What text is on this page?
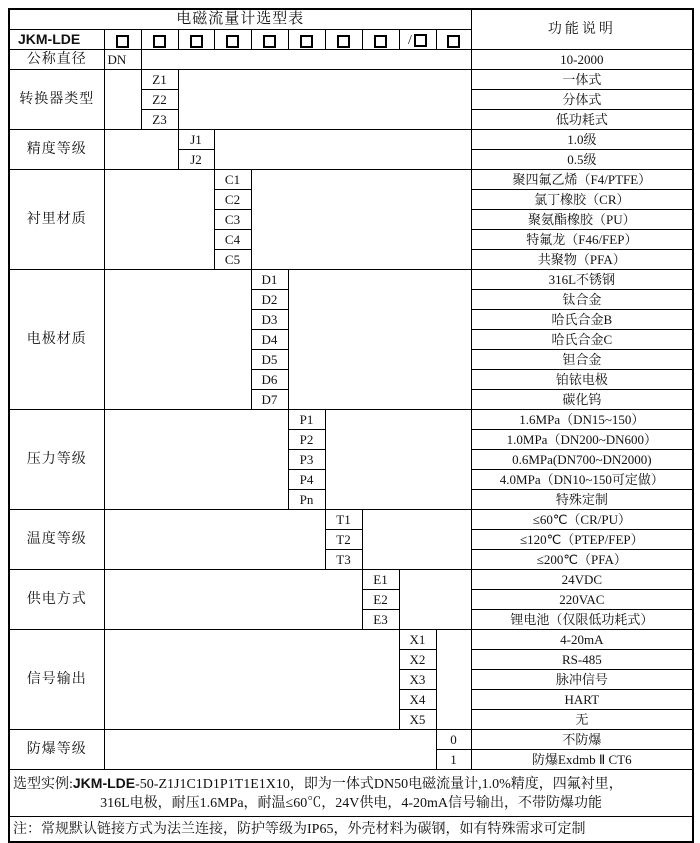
电磁流量计选型表											功能说明
JKM-LDE									/		
公称直径	DN										10-2000
转换器类型		Z1									一体式
		Z2									分体式
		Z3									低功耗式
精度等级			J1								1.0级
			J2								0.5级
衬里材质				C1							聚四氟乙烯（F4/PTFE）
				C2							氯丁橡胶（CR）
				C3							聚氨酯橡胶（PU）
				C4							特氟龙（F46/FEP）
				C5							共聚物（PFA）
电极材质					D1						316L不锈钢
					D2						钛合金
					D3						哈氏合金B
					D4						哈氏合金C
					D5						钽合金
					D6						铂铱电极
					D7						碳化钨
压力等级						P1					1.6MPa（DN15~150）
						P2					1.0MPa（DN200~DN600）
						P3					0.6MPa(DN700~DN2000)
						P4					4.0MPa（DN10~150可定做）
						Pn					特殊定制
温度等级							T1				≤60℃（CR/PU）
							T2				≤120℃（PTEP/FEP）
							T3				≤200℃（PFA）
供电方式								E1			24VDC
								E2			220VAC
								E3			锂电池（仅限低功耗式）
信号输出									X1		4-20mA
									X2		RS-485
									X3		脉冲信号
									X4		HART
									X5		无
防爆等级										0	不防爆
										1	防爆Exdmb Ⅱ CT6

选型实例:JKM-LDE-50-Z1J1C1D1P1T1E1X10，即为一体式DN50电磁流量计,1.0%精度，四氟衬里，
316L电极，耐压1.6MPa，耐温≤60℃，24V供电，4-20mA信号输出，不带防爆功能											

注：常规默认链接方式为法兰连接，防护等级为IP65，外壳材料为碳钢，如有特殊需求可定制											
